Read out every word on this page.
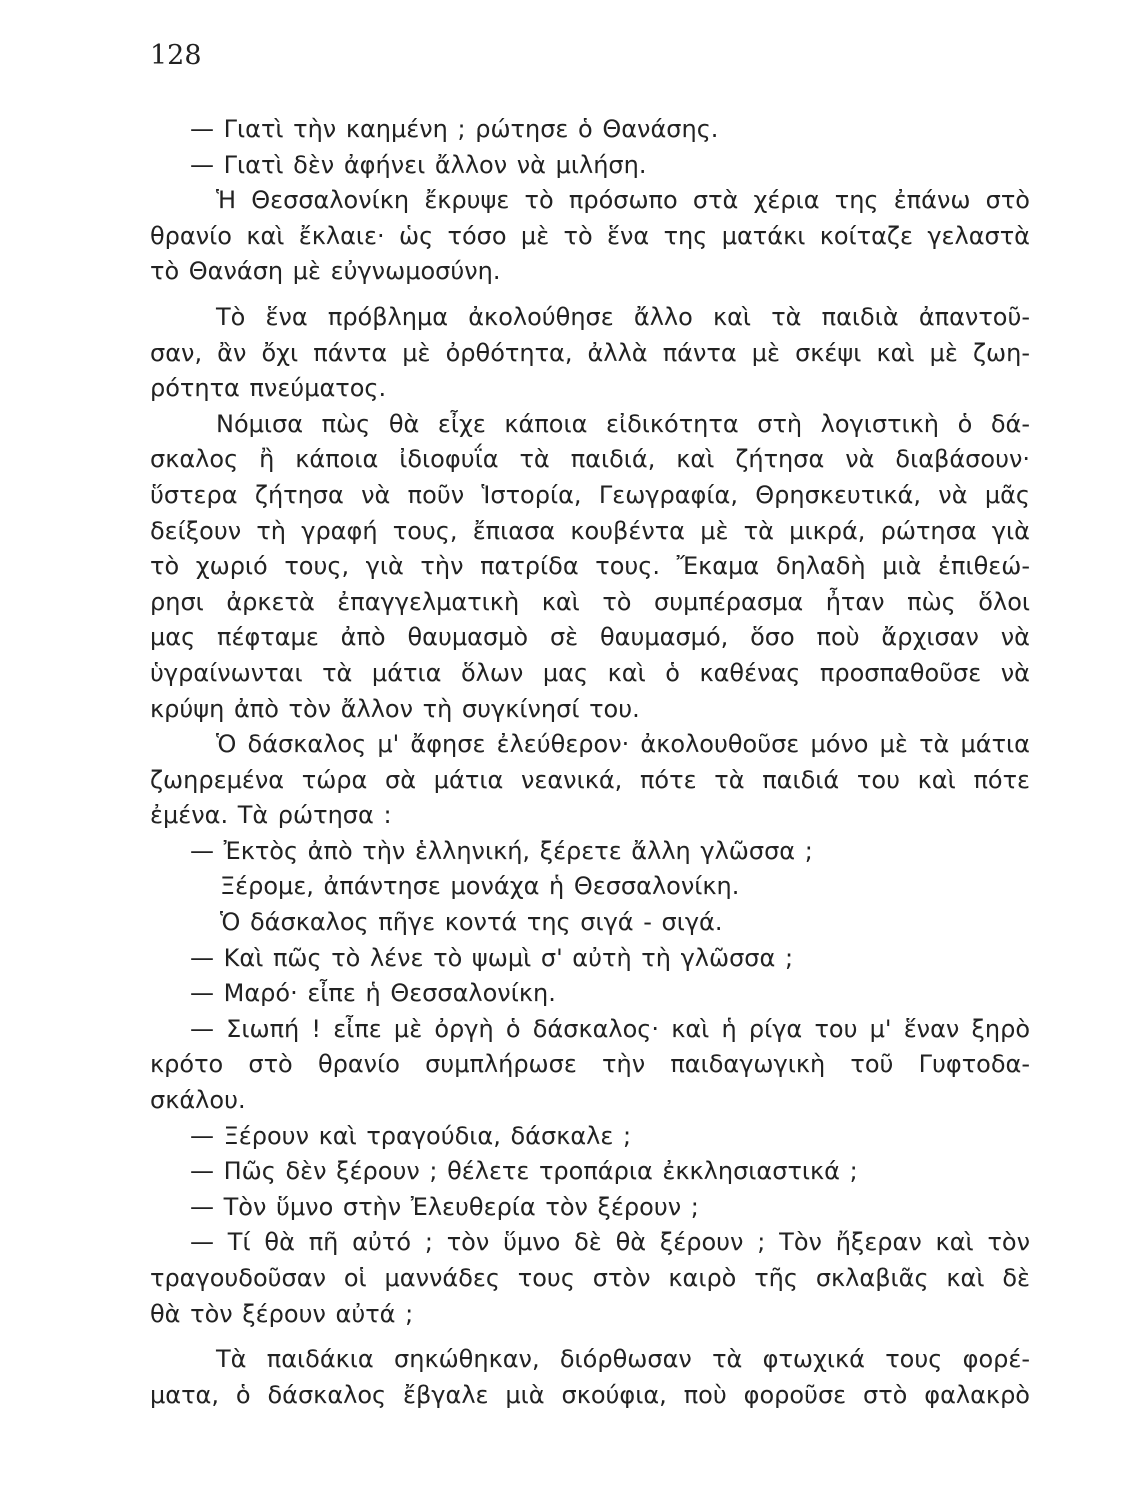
128
— Γιατὶ τὴν καημένη ; ρώτησε ὁ Θανάσης.
— Γιατὶ δὲν ἀφήνει ἄλλον νὰ μιλήση.
Ἡ Θεσσαλονίκη ἔκρυψε τὸ πρόσωπο στὰ χέρια της ἐπάνω στὸ
θρανίο καὶ ἔκλαιε· ὡς τόσο μὲ τὸ ἕνα της ματάκι κοίταζε γελαστὰ
τὸ Θανάση μὲ εὐγνωμοσύνη.
Τὸ ἕνα πρόβλημα ἀκολούθησε ἄλλο καὶ τὰ παιδιὰ ἀπαντοῦ-
σαν, ἂν ὄχι πάντα μὲ ὀρθότητα, ἀλλὰ πάντα μὲ σκέψι καὶ μὲ ζωη-
ρότητα πνεύματος.
Νόμισα πὼς θὰ εἶχε κάποια εἰδικότητα στὴ λογιστικὴ ὁ δά-
σκαλος ἢ κάποια ἰδιοφυΐα τὰ παιδιά, καὶ ζήτησα νὰ διαβάσουν·
ὕστερα ζήτησα νὰ ποῦν Ἱστορία, Γεωγραφία, Θρησκευτικά, νὰ μᾶς
δείξουν τὴ γραφή τους, ἔπιασα κουβέντα μὲ τὰ μικρά, ρώτησα γιὰ
τὸ χωριό τους, γιὰ τὴν πατρίδα τους. Ἔκαμα δηλαδὴ μιὰ ἐπιθεώ-
ρησι ἀρκετὰ ἐπαγγελματικὴ καὶ τὸ συμπέρασμα ἦταν πὼς ὅλοι
μας πέφταμε ἀπὸ θαυμασμὸ σὲ θαυμασμό, ὅσο ποὺ ἄρχισαν νὰ
ὑγραίνωνται τὰ μάτια ὅλων μας καὶ ὁ καθένας προσπαθοῦσε νὰ
κρύψη ἀπὸ τὸν ἄλλον τὴ συγκίνησί του.
Ὁ δάσκαλος μ' ἄφησε ἐλεύθερον· ἀκολουθοῦσε μόνο μὲ τὰ μάτια
ζωηρεμένα τώρα σὰ μάτια νεανικά, πότε τὰ παιδιά του καὶ πότε
ἐμένα. Τὰ ρώτησα :
— Ἐκτὸς ἀπὸ τὴν ἑλληνική, ξέρετε ἄλλη γλῶσσα ;
Ξέρομε, ἀπάντησε μονάχα ἡ Θεσσαλονίκη.
Ὁ δάσκαλος πῆγε κοντά της σιγά - σιγά.
— Καὶ πῶς τὸ λένε τὸ ψωμὶ σ' αὐτὴ τὴ γλῶσσα ;
— Μαρό· εἶπε ἡ Θεσσαλονίκη.
— Σιωπή ! εἶπε μὲ ὀργὴ ὁ δάσκαλος· καὶ ἡ ρίγα του μ' ἕναν ξηρὸ
κρότο στὸ θρανίο συμπλήρωσε τὴν παιδαγωγικὴ τοῦ Γυφτοδα-
σκάλου.
— Ξέρουν καὶ τραγούδια, δάσκαλε ;
— Πῶς δὲν ξέρουν ; θέλετε τροπάρια ἐκκλησιαστικά ;
— Τὸν ὕμνο στὴν Ἐλευθερία τὸν ξέρουν ;
— Τί θὰ πῆ αὐτό ; τὸν ὕμνο δὲ θὰ ξέρουν ; Τὸν ἤξεραν καὶ τὸν
τραγουδοῦσαν οἱ μαννάδες τους στὸν καιρὸ τῆς σκλαβιᾶς καὶ δὲ
θὰ τὸν ξέρουν αὐτά ;
Τὰ παιδάκια σηκώθηκαν, διόρθωσαν τὰ φτωχικά τους φορέ-
ματα, ὁ δάσκαλος ἔβγαλε μιὰ σκούφια, ποὺ φοροῦσε στὸ φαλακρὸ
